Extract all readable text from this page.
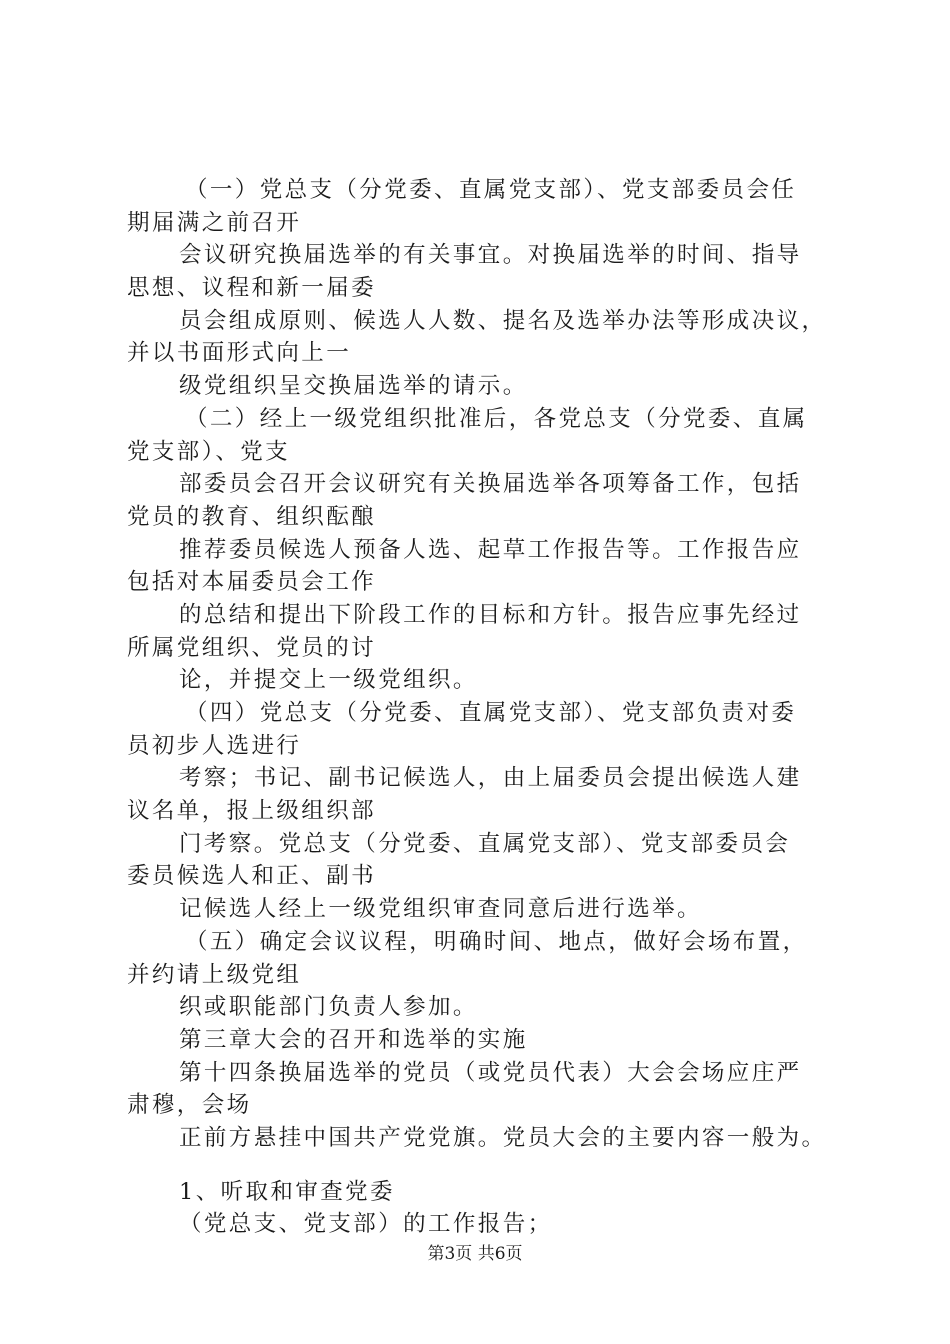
（一）党总支（分党委、直属党支部）、党支部委员会任
期届满之前召开
会议研究换届选举的有关事宜。对换届选举的时间、指导
思想、议程和新一届委
员会组成原则、候选人人数、提名及选举办法等形成决议，
并以书面形式向上一
级党组织呈交换届选举的请示。
（二）经上一级党组织批准后，各党总支（分党委、直属
党支部）、党支
部委员会召开会议研究有关换届选举各项筹备工作，包括
党员的教育、组织酝酿
推荐委员候选人预备人选、起草工作报告等。工作报告应
包括对本届委员会工作
的总结和提出下阶段工作的目标和方针。报告应事先经过
所属党组织、党员的讨
论，并提交上一级党组织。
（四）党总支（分党委、直属党支部）、党支部负责对委
员初步人选进行
考察；书记、副书记候选人，由上届委员会提出候选人建
议名单，报上级组织部
门考察。党总支（分党委、直属党支部）、党支部委员会
委员候选人和正、副书
记候选人经上一级党组织审查同意后进行选举。
（五）确定会议议程，明确时间、地点，做好会场布置，
并约请上级党组
织或职能部门负责人参加。
第三章大会的召开和选举的实施
第十四条换届选举的党员（或党员代表）大会会场应庄严
肃穆，会场
正前方悬挂中国共产党党旗。党员大会的主要内容一般为。
1、听取和审查党委
（党总支、党支部）的工作报告；
第3页 共6页
